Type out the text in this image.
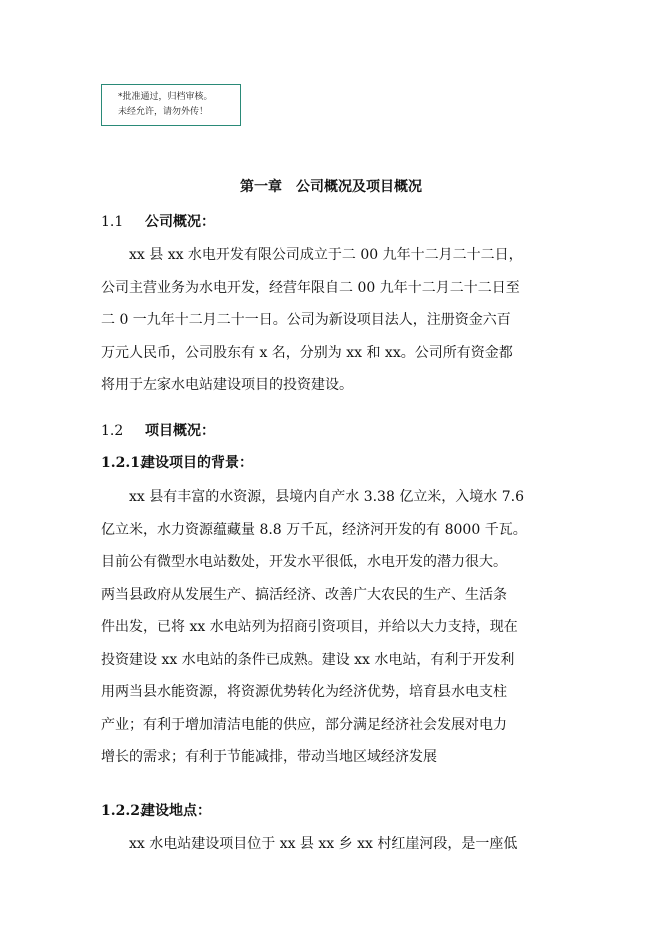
*批准通过，归档审核。
未经允许，请勿外传！
第一章 公司概况及项目概况
1.1 公司概况：
xx 县 xx 水电开发有限公司成立于二 00 九年十二月二十二日，
公司主营业务为水电开发，经营年限自二 00 九年十二月二十二日至
二 0 一九年十二月二十一日。公司为新设项目法人，注册资金六百
万元人民币，公司股东有 x 名，分别为 xx 和 xx。公司所有资金都
将用于左家水电站建设项目的投资建设。
1.2 项目概况：
1.2.1、建设项目的背景：
xx 县有丰富的水资源，县境内自产水 3.38 亿立米，入境水 7.6
亿立米，水力资源蕴藏量 8.8 万千瓦，经济河开发的有 8000 千瓦。
目前公有微型水电站数处，开发水平很低，水电开发的潜力很大。
两当县政府从发展生产、搞活经济、改善广大农民的生产、生活条
件出发，已将 xx 水电站列为招商引资项目，并给以大力支持，现在
投资建设 xx 水电站的条件已成熟。建设 xx 水电站，有利于开发利
用两当县水能资源，将资源优势转化为经济优势，培育县水电支柱
产业；有利于增加清洁电能的供应，部分满足经济社会发展对电力
增长的需求；有利于节能减排，带动当地区域经济发展
1.2.2、建设地点：
xx 水电站建设项目位于 xx 县 xx 乡 xx 村红崖河段，是一座低
